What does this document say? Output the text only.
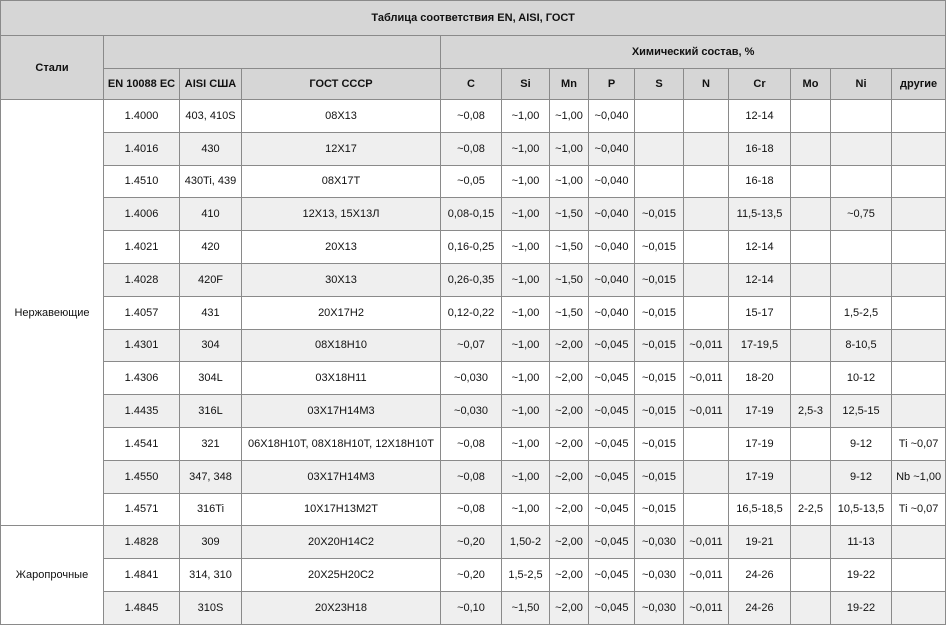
Таблица соответствия EN, AISI, ГОСТ													
Стали				Химический состав, %									
	EN 10088 ЕС	AISI США	ГОСТ СССР	C	Si	Mn	P	S	N	Cr	Mo	Ni	другие
Нержавеющие	1.4000	403, 410S	08Х13	~0,08	~1,00	~1,00	~0,040			12-14			
	1.4016	430	12Х17	~0,08	~1,00	~1,00	~0,040			16-18			
	1.4510	430Ti, 439	08Х17Т	~0,05	~1,00	~1,00	~0,040			16-18			
	1.4006	410	12Х13, 15Х13Л	0,08-0,15	~1,00	~1,50	~0,040	~0,015		11,5-13,5		~0,75	
	1.4021	420	20Х13	0,16-0,25	~1,00	~1,50	~0,040	~0,015		12-14			
	1.4028	420F	30Х13	0,26-0,35	~1,00	~1,50	~0,040	~0,015		12-14			
	1.4057	431	20Х17Н2	0,12-0,22	~1,00	~1,50	~0,040	~0,015		15-17		1,5-2,5	
	1.4301	304	08Х18Н10	~0,07	~1,00	~2,00	~0,045	~0,015	~0,011	17-19,5		8-10,5	
	1.4306	304L	03Х18Н11	~0,030	~1,00	~2,00	~0,045	~0,015	~0,011	18-20		10-12	
	1.4435	316L	03Х17Н14М3	~0,030	~1,00	~2,00	~0,045	~0,015	~0,011	17-19	2,5-3	12,5-15	
	1.4541	321	06Х18Н10Т, 08Х18Н10Т, 12Х18Н10Т	~0,08	~1,00	~2,00	~0,045	~0,015		17-19		9-12	Ti ~0,07
	1.4550	347, 348	03Х17Н14М3	~0,08	~1,00	~2,00	~0,045	~0,015		17-19		9-12	Nb ~1,00
	1.4571	316Ti	10Х17Н13М2Т	~0,08	~1,00	~2,00	~0,045	~0,015		16,5-18,5	2-2,5	10,5-13,5	Ti ~0,07
Жаропрочные	1.4828	309	20Х20Н14С2	~0,20	1,50-2	~2,00	~0,045	~0,030	~0,011	19-21		11-13	
	1.4841	314, 310	20Х25Н20С2	~0,20	1,5-2,5	~2,00	~0,045	~0,030	~0,011	24-26		19-22	
	1.4845	310S	20Х23Н18	~0,10	~1,50	~2,00	~0,045	~0,030	~0,011	24-26		19-22	
